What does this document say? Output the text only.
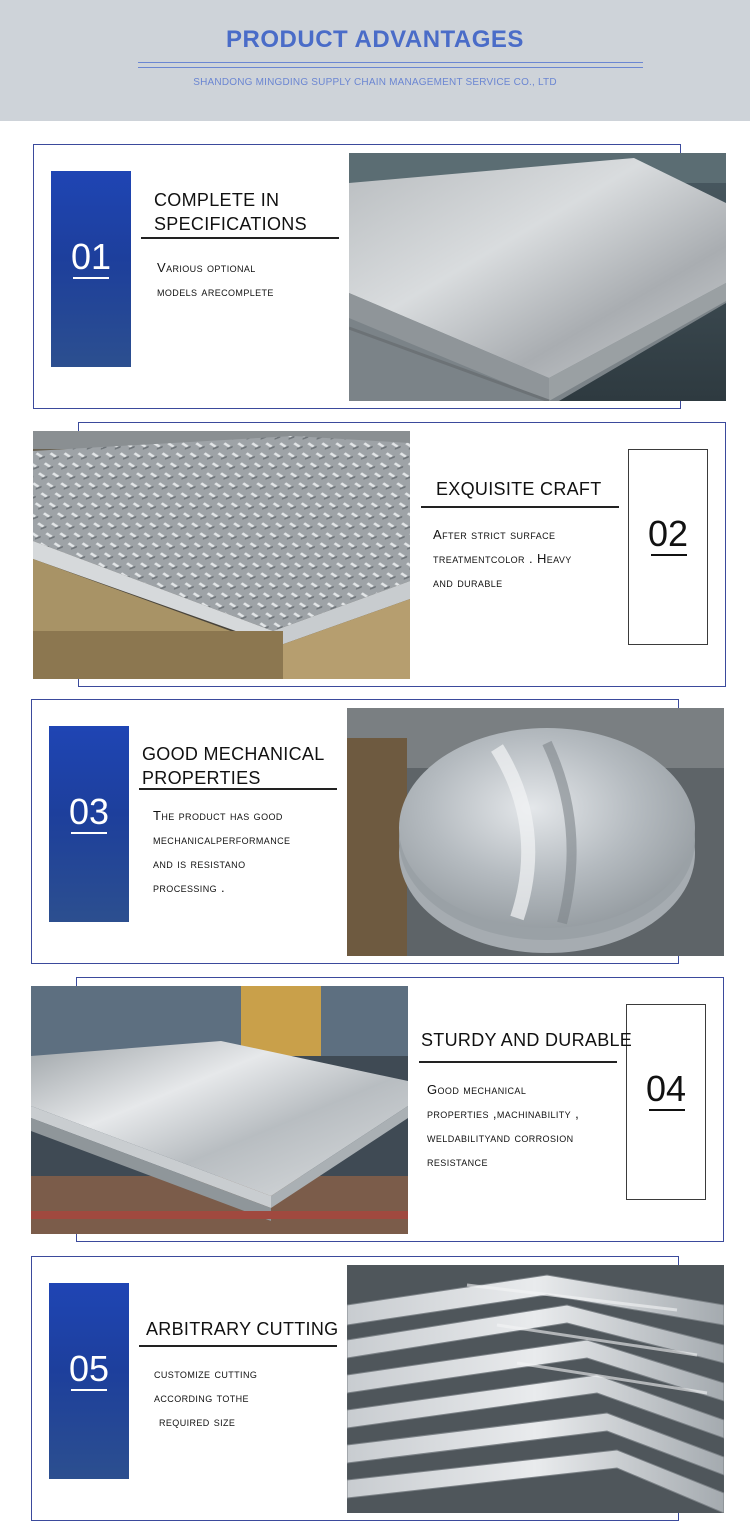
PRODUCT ADVANTAGES
SHANDONG MINGDING SUPPLY CHAIN MANAGEMENT SERVICE CO., LTD
01
COMPLETE IN
SPECIFICATIONS
Various optional
models arecomplete
02
EXQUISITE CRAFT
After strict surface
treatmentcolor . Heavy
and durable
03
GOOD MECHANICAL
PROPERTIES
The product has good
mechanicalperformance
and is resistano
processing .
04
STURDY AND DURABLE
Good mechanical
properties ,machinability ,
weldabilityand corrosion
resistance
05
ARBITRARY CUTTING
customize cutting
according tothe
required size
